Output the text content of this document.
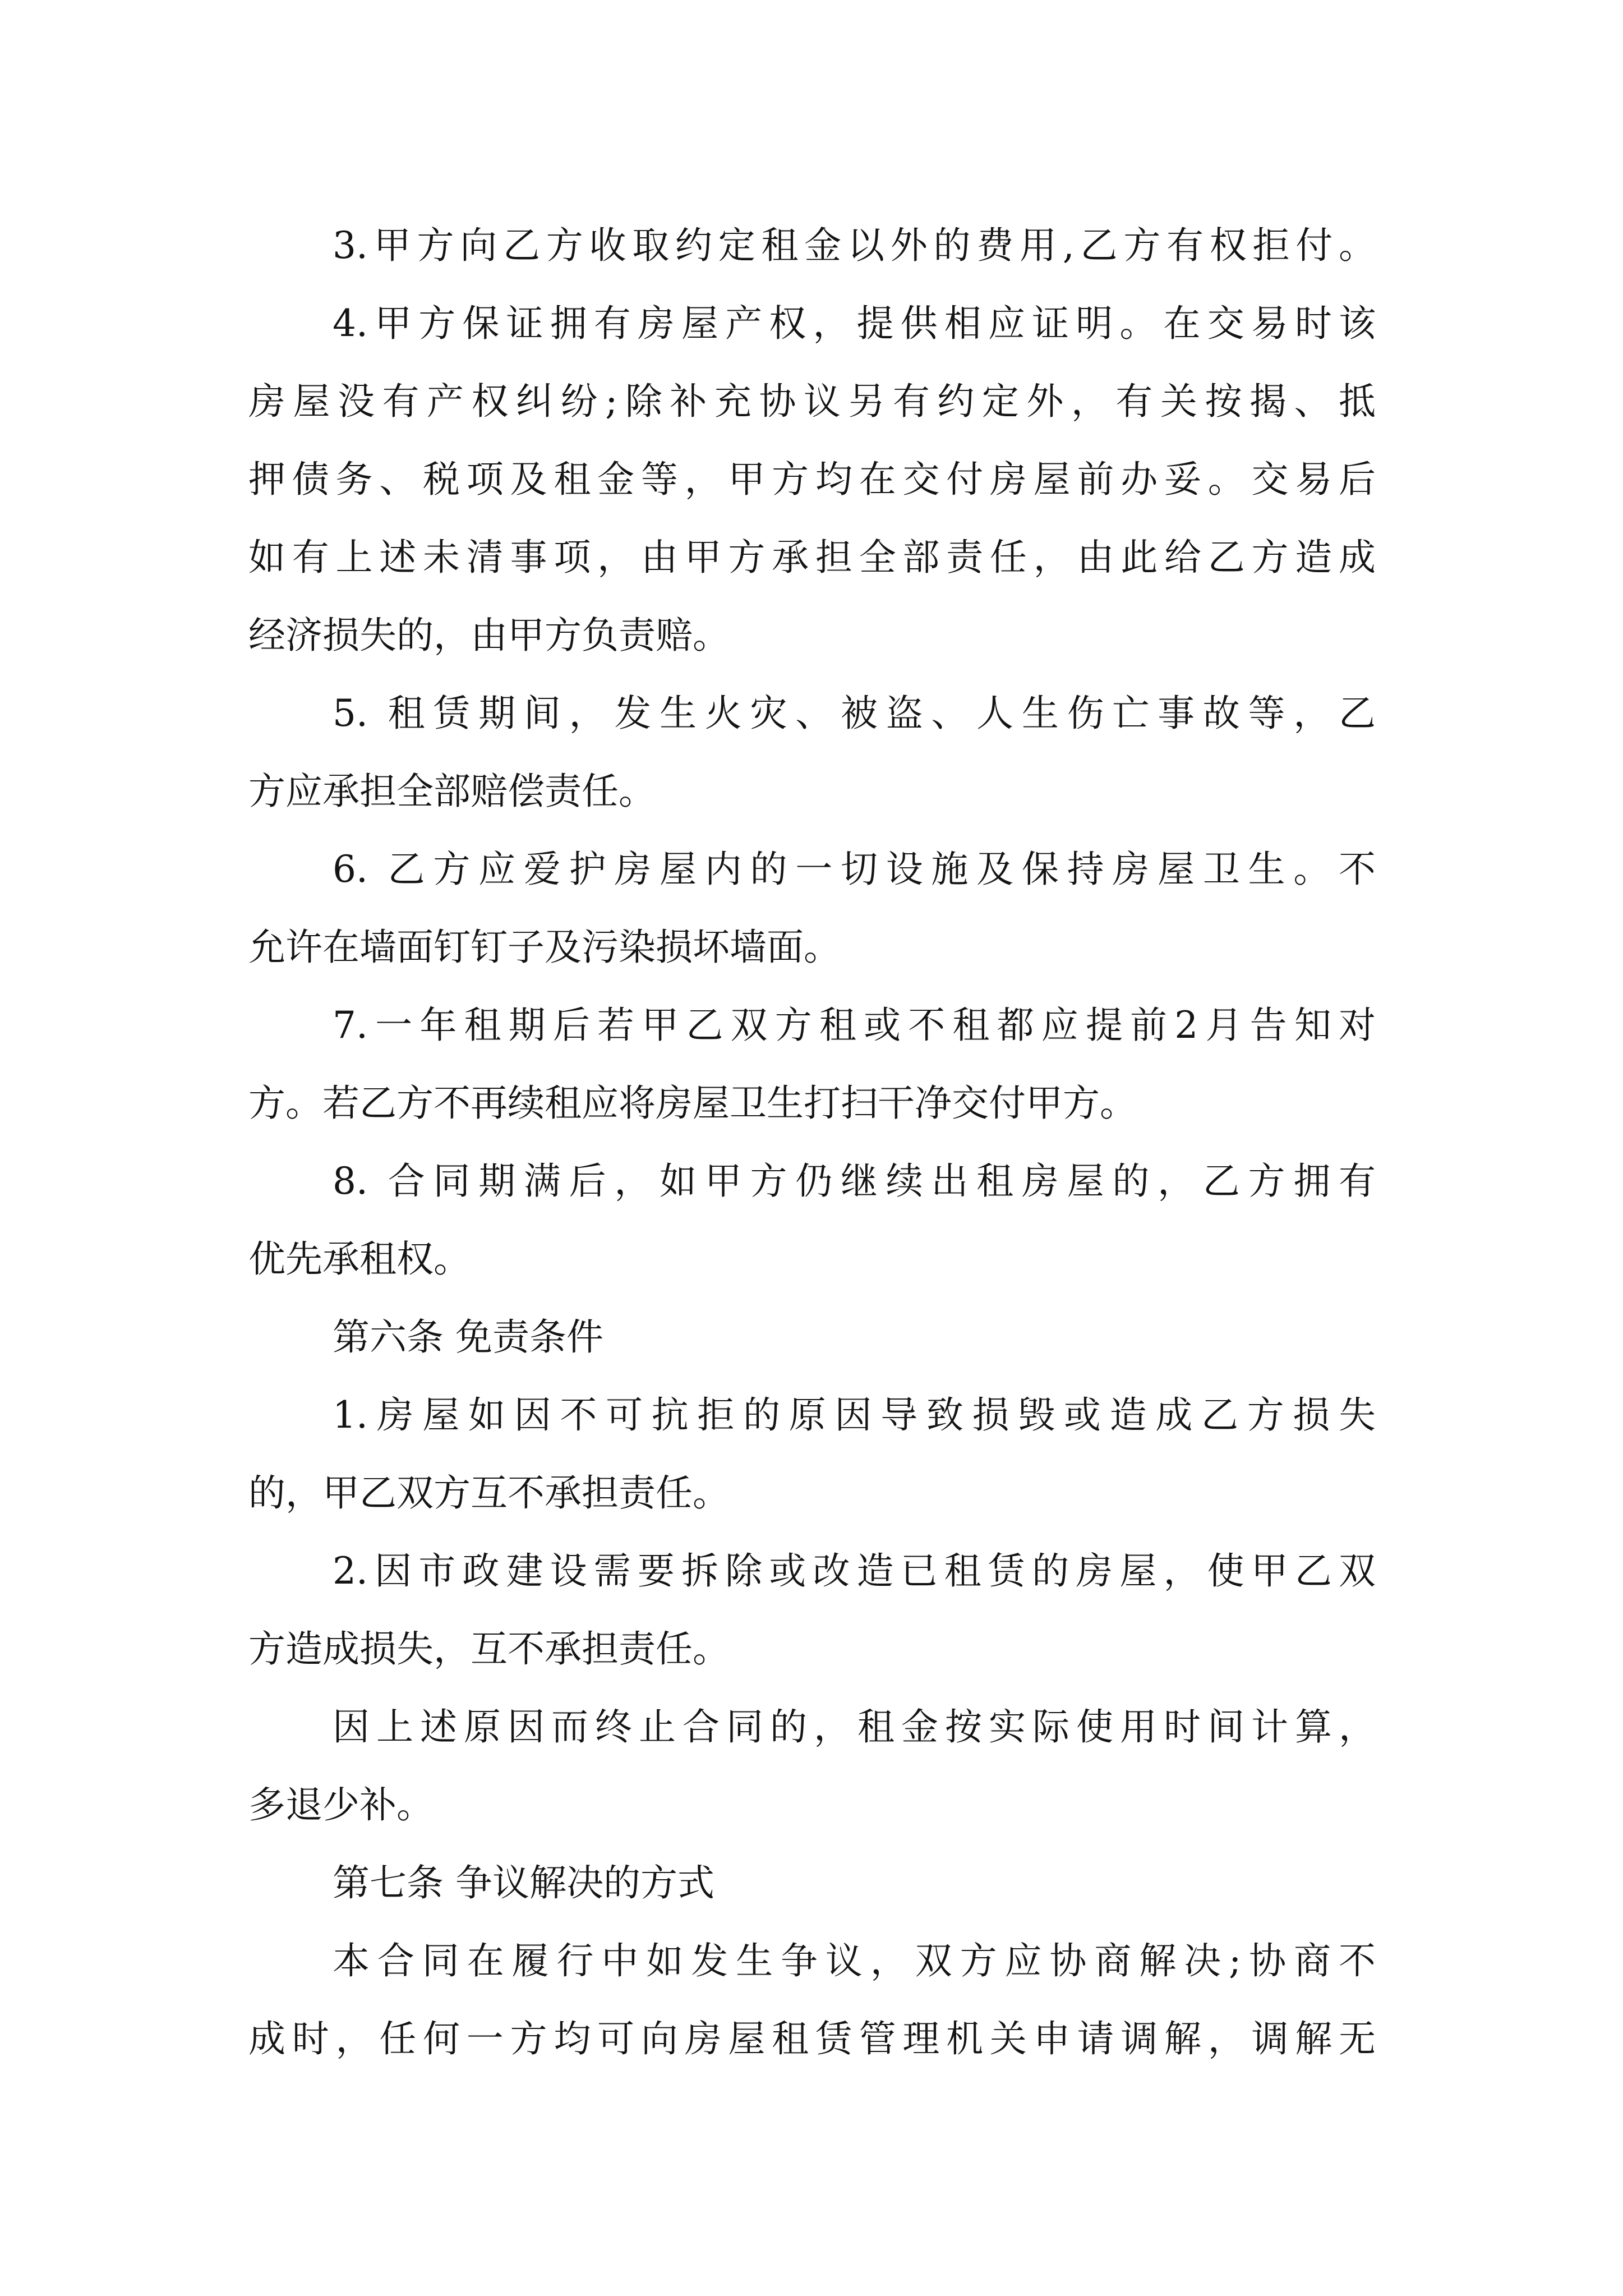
3.甲方向乙方收取约定租金以外的费用,乙方有权拒付。
4.甲方保证拥有房屋产权，提供相应证明。在交易时该
房屋没有产权纠纷;除补充协议另有约定外，有关按揭、抵
押债务、税项及租金等，甲方均在交付房屋前办妥。交易后
如有上述未清事项，由甲方承担全部责任，由此给乙方造成
经济损失的，由甲方负责赔。
5. 租赁期间，发生火灾、被盗、人生伤亡事故等，乙
方应承担全部赔偿责任。
6. 乙方应爱护房屋内的一切设施及保持房屋卫生。不
允许在墙面钉钉子及污染损坏墙面。
7.一年租期后若甲乙双方租或不租都应提前2月告知对
方。若乙方不再续租应将房屋卫生打扫干净交付甲方。
8. 合同期满后，如甲方仍继续出租房屋的，乙方拥有
优先承租权。
第六条 免责条件
1.房屋如因不可抗拒的原因导致损毁或造成乙方损失
的，甲乙双方互不承担责任。
2.因市政建设需要拆除或改造已租赁的房屋，使甲乙双
方造成损失，互不承担责任。
因上述原因而终止合同的，租金按实际使用时间计算，
多退少补。
第七条 争议解决的方式
本合同在履行中如发生争议，双方应协商解决;协商不
成时，任何一方均可向房屋租赁管理机关申请调解，调解无
